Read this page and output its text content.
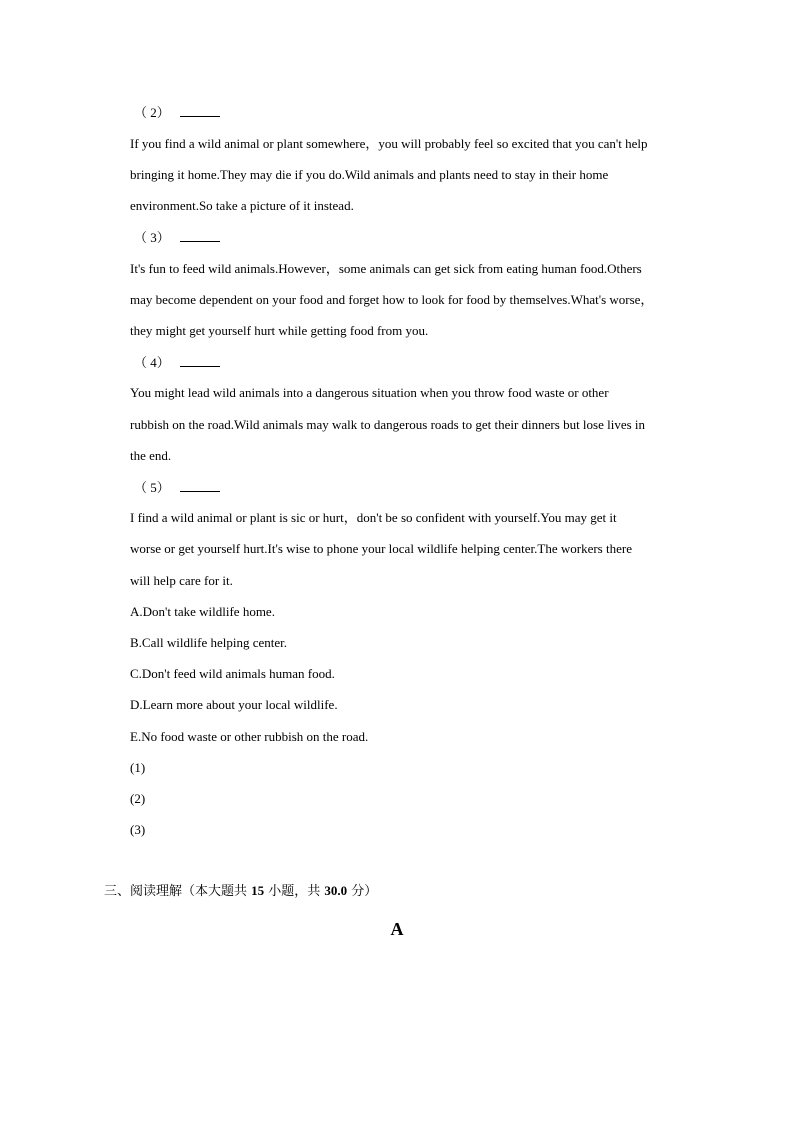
（ 2）
If you find a wild animal or plant somewhere，you will probably feel so excited that you can't help
bringing it home.They may die if you do.Wild animals and plants need to stay in their home
environment.So take a picture of it instead.
（ 3）
It's fun to feed wild animals.However，some animals can get sick from eating human food.Others
may become dependent on your food and forget how to look for food by themselves.What's worse，
they might get yourself hurt while getting food from you.
（ 4）
You might lead wild animals into a dangerous situation when you throw food waste or other
rubbish on the road.Wild animals may walk to dangerous roads to get their dinners but lose lives in
the end.
（ 5）
I find a wild animal or plant is sic or hurt，don't be so confident with yourself.You may get it
worse or get yourself hurt.It's wise to phone your local wildlife helping center.The workers there
will help care for it.
A.Don't take wildlife home.
B.Call wildlife helping center.
C.Don't feed wild animals human food.
D.Learn more about your local wildlife.
E.No food waste or other rubbish on the road.
(1)
(2)
(3)
三、阅读理解（本大题共 15 小题，共 30.0 分）
A
